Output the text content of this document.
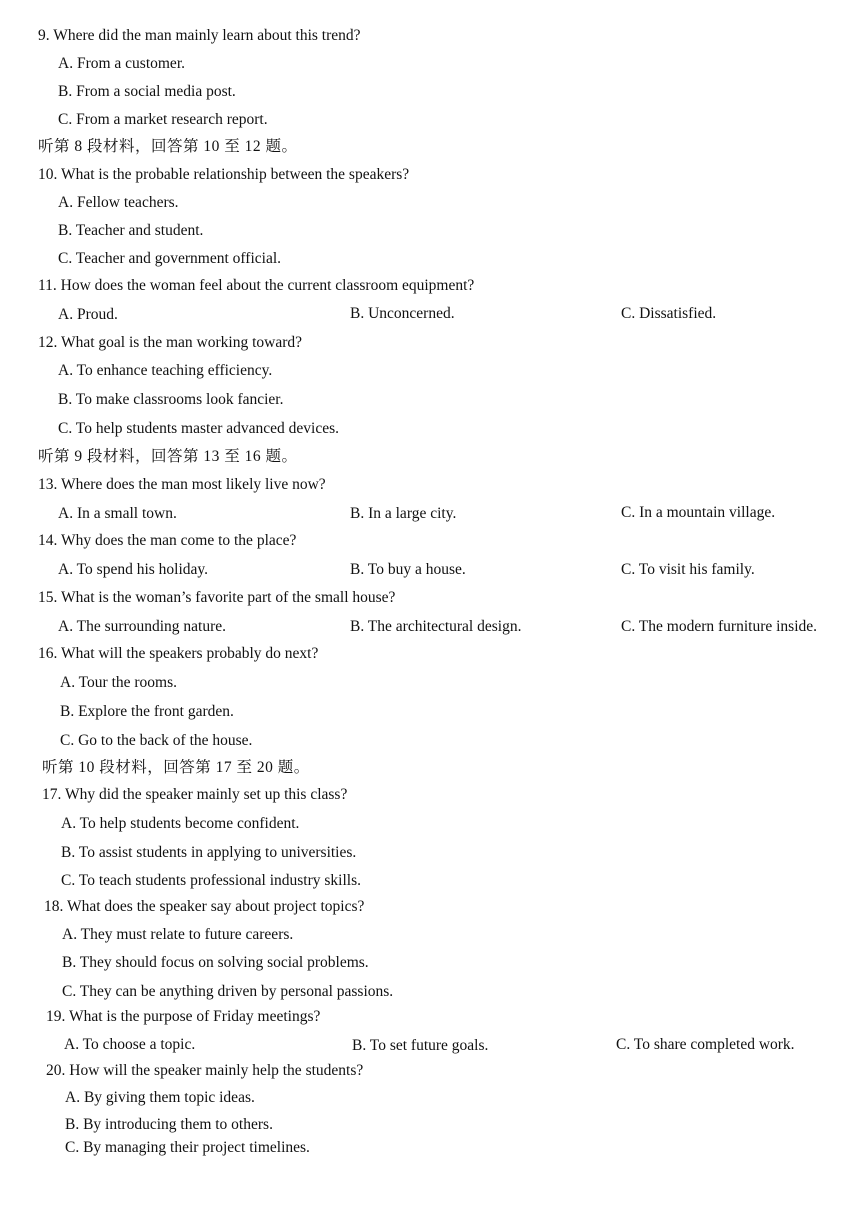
9. Where did the man mainly learn about this trend?
A. From a customer.
B. From a social media post.
C. From a market research report.
听第 8 段材料，回答第 10 至 12 题。
10. What is the probable relationship between the speakers?
A. Fellow teachers.
B. Teacher and student.
C. Teacher and government official.
11. How does the woman feel about the current classroom equipment?
A. Proud.	B. Unconcerned.	C. Dissatisfied.
12. What goal is the man working toward?
A. To enhance teaching efficiency.
B. To make classrooms look fancier.
C. To help students master advanced devices.
听第 9 段材料，回答第 13 至 16 题。
13. Where does the man most likely live now?
A. In a small town.	B. In a large city.	C. In a mountain village.
14. Why does the man come to the place?
A. To spend his holiday.	B. To buy a house.	C. To visit his family.
15. What is the woman’s favorite part of the small house?
A. The surrounding nature.	B. The architectural design.	C. The modern furniture inside.
16. What will the speakers probably do next?
A. Tour the rooms.
B. Explore the front garden.
C. Go to the back of the house.
听第 10 段材料，回答第 17 至 20 题。
17. Why did the speaker mainly set up this class?
A. To help students become confident.
B. To assist students in applying to universities.
C. To teach students professional industry skills.
18. What does the speaker say about project topics?
A. They must relate to future careers.
B. They should focus on solving social problems.
C. They can be anything driven by personal passions.
19. What is the purpose of Friday meetings?
A. To choose a topic.	B. To set future goals.	C. To share completed work.
20. How will the speaker mainly help the students?
A. By giving them topic ideas.
B. By introducing them to others.
C. By managing their project timelines.
